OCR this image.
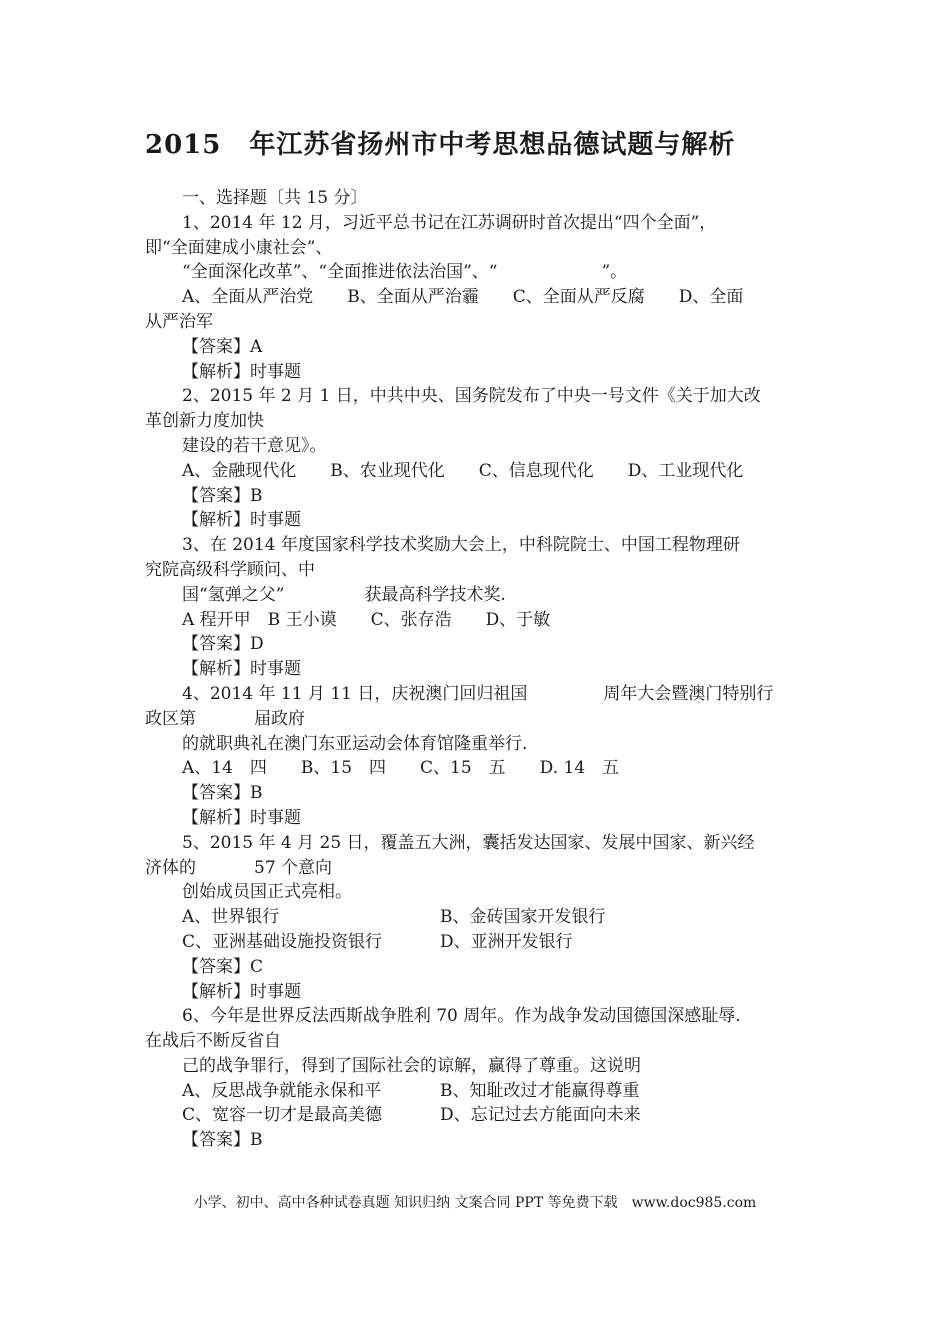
2015 年江苏省扬州市中考思想品德试题与解析
一、选择题〔共 15 分〕
1、2014 年 12 月，习近平总书记在江苏调研时首次提出“四个全面”，
即“全面建成小康社会”、
“全面深化改革”、“全面推进依法治国”、“	”。
A、全面从严治党　　B、全面从严治霾　　C、全面从严反腐　　D、全面
从严治军
【答案】A
【解析】时事题
2、2015 年 2 月 1 日，中共中央、国务院发布了中央一号文件《关于加大改
革创新力度加快
建设的若干意见》。
A、金融现代化　　B、农业现代化　　C、信息现代化　　D、工业现代化
【答案】B
【解析】时事题
3、在 2014 年度国家科学技术奖励大会上，中科院院士、中国工程物理研
究院高级科学顾问、中
国“氢弹之父”	获最高科学技术奖.
A 程开甲　B 王小谟　　C、张存浩　　D、于敏
【答案】D
【解析】时事题
4、2014 年 11 月 11 日，庆祝澳门回归祖国	周年大会暨澳门特别行
政区第	届政府
的就职典礼在澳门东亚运动会体育馆隆重举行.
A、14　四　　B、15　四　　C、15　五　　D. 14　五
【答案】B
【解析】时事题
5、2015 年 4 月 25 日，覆盖五大洲，囊括发达国家、发展中国家、新兴经
济体的	57 个意向
创始成员国正式亮相。
A、世界银行	B、金砖国家开发银行
C、亚洲基础设施投资银行	D、亚洲开发银行
【答案】C
【解析】时事题
6、今年是世界反法西斯战争胜利 70 周年。作为战争发动国德国深感耻辱.
在战后不断反省自
己的战争罪行，得到了国际社会的谅解，赢得了尊重。这说明
A、反思战争就能永保和平	B、知耻改过才能赢得尊重
C、宽容一切才是最高美德	D、忘记过去方能面向未来
【答案】B
小学、初中、高中各种试卷真题 知识归纳 文案合同 PPT 等免费下载　www.doc985.com
